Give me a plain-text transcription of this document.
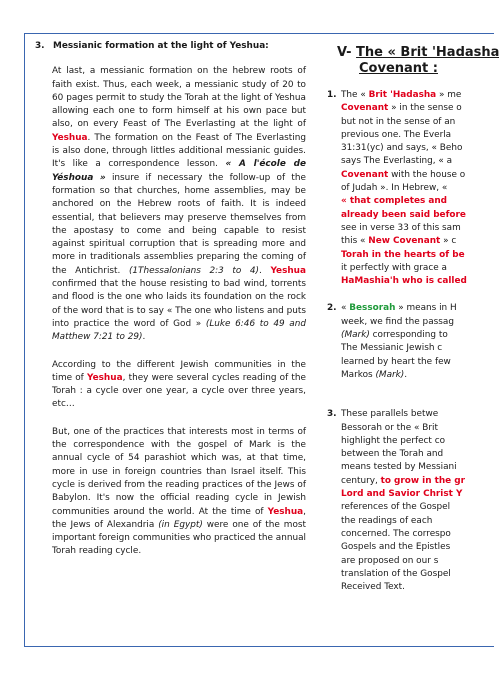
3. Messianic formation at the light of Yeshua:
At last, a messianic formation on the hebrew roots of faith exist. Thus, each week, a messianic study of 20 to 60 pages permit to study the Torah at the light of Yeshua allowing each one to form himself at his own pace but also, on every Feast of The Everlasting at the light of Yeshua. The formation on the Feast of The Everlasting is also done, through littles additional messianic guides. It's like a correspondence lesson. « A l'école de Yéshoua » insure if necessary the follow-up of the formation so that churches, home assemblies, may be anchored on the Hebrew roots of faith. It is indeed essential, that believers may preserve themselves from the apostasy to come and being capable to resist against spiritual corruption that is spreading more and more in traditionals assemblies preparing the coming of the Antichrist. (1Thessalonians 2:3 to 4). Yeshua confirmed that the house resisting to bad wind, torrents and flood is the one who laids its foundation on the rock of the word that is to say « The one who listens and puts into practice the word of God » (Luke 6:46 to 49 and Matthew 7:21 to 29).
According to the different Jewish communities in the time of Yeshua, they were several cycles reading of the Torah : a cycle over one year, a cycle over three years, etc…
But, one of the practices that interests most in terms of the correspondence with the gospel of Mark is the annual cycle of 54 parashiot which was, at that time, more in use in foreign countries than Israel itself. This cycle is derived from the reading practices of the Jews of Babylon. It's now the official reading cycle in Jewish communities around the world. At the time of Yeshua, the Jews of Alexandria (in Egypt) were one of the most important foreign communities who practiced the annual Torah reading cycle.
V- The « Brit 'Hadasha
Covenant :
1. The « Brit 'Hadasha » me
Covenant » in the sense o
but not in the sense of an
previous one. The Everla
31:31(yc) and says, « Beho
says The Everlasting, « a
Covenant with the house o
of Judah ». In Hebrew, «
« that completes and
already been said before
see in verse 33 of this sam
this « New Covenant » c
Torah in the hearts of be
it perfectly with grace a
HaMashia'h who is called
2. « Bessorah » means in H
week, we find the passag
(Mark) corresponding to
The Messianic Jewish c
learned by heart the few
Markos (Mark).
3. These parallels betwe
Bessorah or the « Brit
highlight the perfect co
between the Torah and
means tested by Messiani
century, to grow in the gr
Lord and Savior Christ Y
references of the Gospel
the readings of each
concerned. The correspo
Gospels and the Epistles
are proposed on our s
translation of the Gospel
Received Text.
